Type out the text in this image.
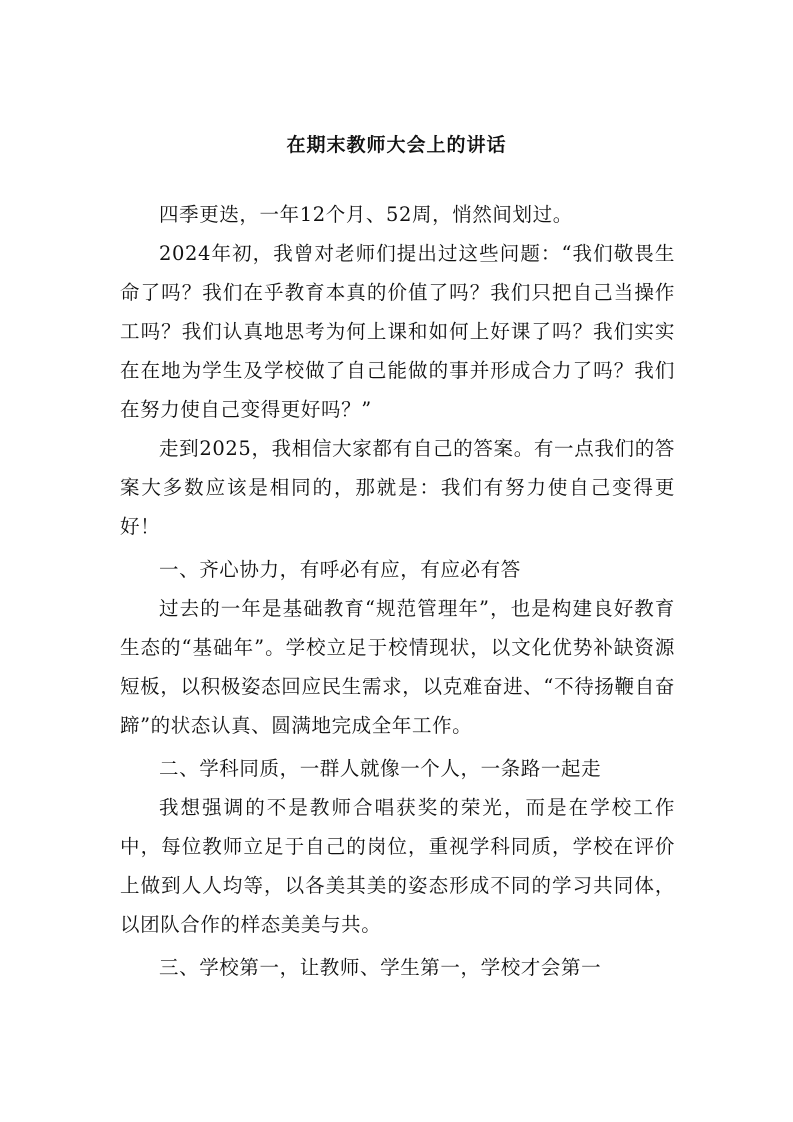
在期末教师大会上的讲话

四季更迭，一年12个月、52周，悄然间划过。

2024年初，我曾对老师们提出过这些问题：“我们敬畏生命了吗？我们在乎教育本真的价值了吗？我们只把自己当操作工吗？我们认真地思考为何上课和如何上好课了吗？我们实实在在地为学生及学校做了自己能做的事并形成合力了吗？我们在努力使自己变得更好吗？”

走到2025，我相信大家都有自己的答案。有一点我们的答案大多数应该是相同的，那就是：我们有努力使自己变得更好！

一、齐心协力，有呼必有应，有应必有答

过去的一年是基础教育“规范管理年”，也是构建良好教育生态的“基础年”。学校立足于校情现状，以文化优势补缺资源短板，以积极姿态回应民生需求，以克难奋进、“不待扬鞭自奋蹄”的状态认真、圆满地完成全年工作。

二、学科同质，一群人就像一个人，一条路一起走

我想强调的不是教师合唱获奖的荣光，而是在学校工作中，每位教师立足于自己的岗位，重视学科同质，学校在评价上做到人人均等，以各美其美的姿态形成不同的学习共同体，以团队合作的样态美美与共。

三、学校第一，让教师、学生第一，学校才会第一
